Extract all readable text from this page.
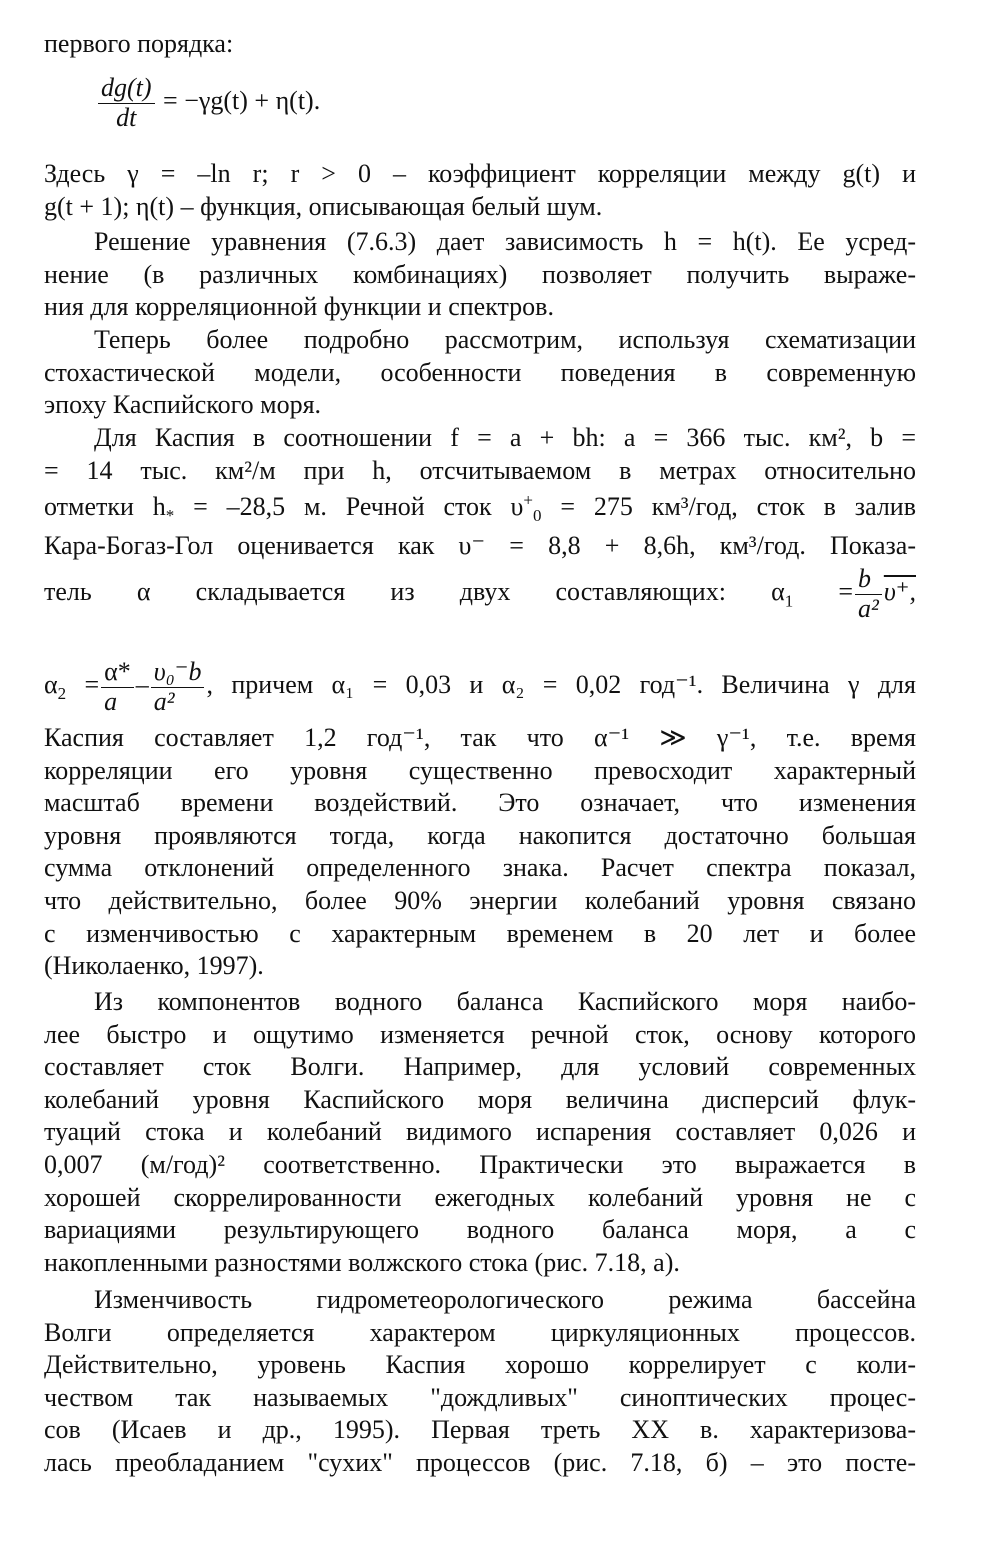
первого порядка:
$\frac{dg(t)}{dt} = -\gamma g(t) + \eta(t)$.
Здесь γ = –ln r; r > 0 – коэффициент корреляции между g(t) и
g(t + 1); η(t) – функция, описывающая белый шум.
Решение уравнения (7.6.3) дает зависимость h = h(t). Ее усред-
нение (в различных комбинациях) позволяет получить выраже-
ния для корреляционной функции и спектров.
Теперь более подробно рассмотрим, используя схематизации
стохастической модели, особенности поведения в современную
эпоху Каспийского моря.
Для Каспия в соотношении f = a + bh: a = 366 тыс. км², b =
= 14 тыс. км²/м при h, отсчитываемом в метрах относительно
отметки $h_* = -28,5$ м. Речной сток $\upsilon^+_0 = 275$ км³/год, сток в залив
Кара-Богаз-Гол оценивается как υ⁻ = 8,8 + 8,6h, км³/год. Показа-
тель α складывается из двух составляющих: $\alpha_1 = \frac{b}{\text{a²}} \upsilon^+$,
$\alpha_2 = \frac{\alpha*}{a} - \frac{\text{υ₀⁻b}}{\text{a²}}$ , причем α₁ = 0,03 и α₂ = 0,02 год⁻¹. Величина γ для
Каспия составляет 1,2 год⁻¹, так что α⁻¹ ≫ γ⁻¹, т.е. время
корреляции его уровня существенно превосходит характерный
масштаб времени воздействий. Это означает, что изменения
уровня проявляются тогда, когда накопится достаточно большая
сумма отклонений определенного знака. Расчет спектра показал,
что действительно, более 90% энергии колебаний уровня связано
с изменчивостью с характерным временем в 20 лет и более
(Николаенко, 1997).
Из компонентов водного баланса Каспийского моря наибо-
лее быстро и ощутимо изменяется речной сток, основу которого
составляет сток Волги. Например, для условий современных
колебаний уровня Каспийского моря величина дисперсий флук-
туаций стока и колебаний видимого испарения составляет 0,026 и
0,007 (м/год)² соответственно. Практически это выражается в
хорошей скоррелированности ежегодных колебаний уровня не с
вариациями результирующего водного баланса моря, а с
накопленными разностями волжского стока (рис. 7.18, а).
Изменчивость гидрометеорологического режима бассейна
Волги определяется характером циркуляционных процессов.
Действительно, уровень Каспия хорошо коррелирует с коли-
чеством так называемых "дождливых" синоптических процес-
сов (Исаев и др., 1995). Первая треть XX в. характеризова-
лась преобладанием "сухих" процессов (рис. 7.18, б) – это посте-
